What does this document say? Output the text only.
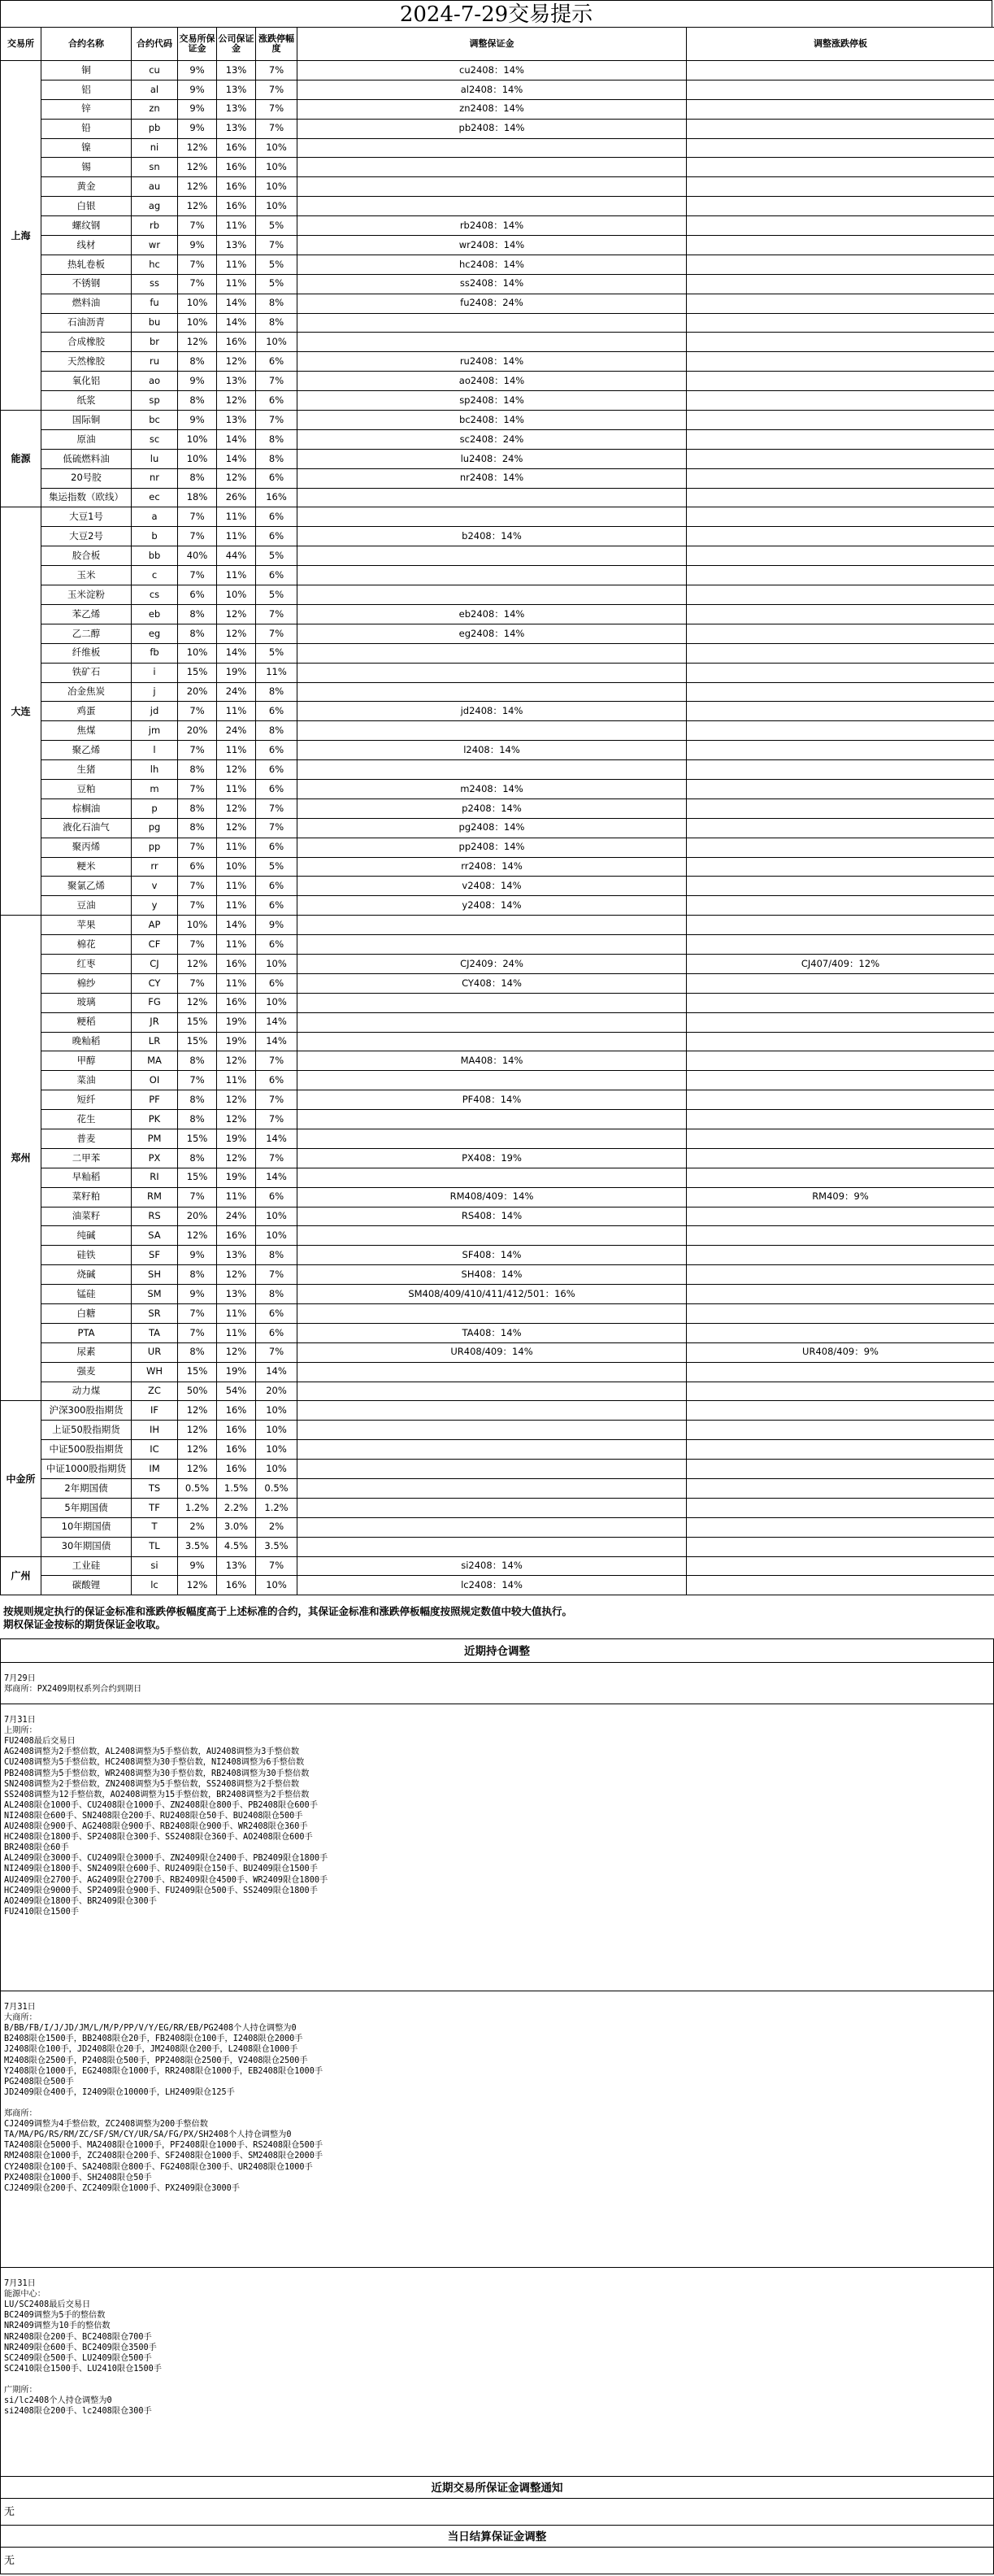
2024-7-29交易提示
交易所	合约名称	合约代码	交易所保证金	公司保证金	涨跌停幅度	调整保证金	调整涨跌停板
上海	铜	cu	9%	13%	7%	cu2408：14%	
	铝	al	9%	13%	7%	al2408：14%	
	锌	zn	9%	13%	7%	zn2408：14%	
	铅	pb	9%	13%	7%	pb2408：14%	
	镍	ni	12%	16%	10%		
	锡	sn	12%	16%	10%		
	黄金	au	12%	16%	10%		
	白银	ag	12%	16%	10%		
	螺纹钢	rb	7%	11%	5%	rb2408：14%	
	线材	wr	9%	13%	7%	wr2408：14%	
	热轧卷板	hc	7%	11%	5%	hc2408：14%	
	不锈钢	ss	7%	11%	5%	ss2408：14%	
	燃料油	fu	10%	14%	8%	fu2408：24%	
	石油沥青	bu	10%	14%	8%		
	合成橡胶	br	12%	16%	10%		
	天然橡胶	ru	8%	12%	6%	ru2408：14%	
	氧化铝	ao	9%	13%	7%	ao2408：14%	
	纸浆	sp	8%	12%	6%	sp2408：14%	
能源	国际铜	bc	9%	13%	7%	bc2408：14%	
	原油	sc	10%	14%	8%	sc2408：24%	
	低硫燃料油	lu	10%	14%	8%	lu2408：24%	
	20号胶	nr	8%	12%	6%	nr2408：14%	
	集运指数（欧线）	ec	18%	26%	16%		
大连	大豆1号	a	7%	11%	6%		
	大豆2号	b	7%	11%	6%	b2408：14%	
	胶合板	bb	40%	44%	5%		
	玉米	c	7%	11%	6%		
	玉米淀粉	cs	6%	10%	5%		
	苯乙烯	eb	8%	12%	7%	eb2408：14%	
	乙二醇	eg	8%	12%	7%	eg2408：14%	
	纤维板	fb	10%	14%	5%		
	铁矿石	i	15%	19%	11%		
	冶金焦炭	j	20%	24%	8%		
	鸡蛋	jd	7%	11%	6%	jd2408：14%	
	焦煤	jm	20%	24%	8%		
	聚乙烯	l	7%	11%	6%	l2408：14%	
	生猪	lh	8%	12%	6%		
	豆粕	m	7%	11%	6%	m2408：14%	
	棕榈油	p	8%	12%	7%	p2408：14%	
	液化石油气	pg	8%	12%	7%	pg2408：14%	
	聚丙烯	pp	7%	11%	6%	pp2408：14%	
	粳米	rr	6%	10%	5%	rr2408：14%	
	聚氯乙烯	v	7%	11%	6%	v2408：14%	
	豆油	y	7%	11%	6%	y2408：14%	
郑州	苹果	AP	10%	14%	9%		
	棉花	CF	7%	11%	6%		
	红枣	CJ	12%	16%	10%	CJ2409：24%	CJ407/409：12%
	棉纱	CY	7%	11%	6%	CY408：14%	
	玻璃	FG	12%	16%	10%		
	粳稻	JR	15%	19%	14%		
	晚籼稻	LR	15%	19%	14%		
	甲醇	MA	8%	12%	7%	MA408：14%	
	菜油	OI	7%	11%	6%		
	短纤	PF	8%	12%	7%	PF408：14%	
	花生	PK	8%	12%	7%		
	普麦	PM	15%	19%	14%		
	二甲苯	PX	8%	12%	7%	PX408：19%	
	早籼稻	RI	15%	19%	14%		
	菜籽粕	RM	7%	11%	6%	RM408/409：14%	RM409：9%
	油菜籽	RS	20%	24%	10%	RS408：14%	
	纯碱	SA	12%	16%	10%		
	硅铁	SF	9%	13%	8%	SF408：14%	
	烧碱	SH	8%	12%	7%	SH408：14%	
	锰硅	SM	9%	13%	8%	SM408/409/410/411/412/501：16%	
	白糖	SR	7%	11%	6%		
	PTA	TA	7%	11%	6%	TA408：14%	
	尿素	UR	8%	12%	7%	UR408/409：14%	UR408/409：9%
	强麦	WH	15%	19%	14%		
	动力煤	ZC	50%	54%	20%		
中金所	沪深300股指期货	IF	12%	16%	10%		
	上证50股指期货	IH	12%	16%	10%		
	中证500股指期货	IC	12%	16%	10%		
	中证1000股指期货	IM	12%	16%	10%		
	2年期国债	TS	0.5%	1.5%	0.5%		
	5年期国债	TF	1.2%	2.2%	1.2%		
	10年期国债	T	2%	3.0%	2%		
	30年期国债	TL	3.5%	4.5%	3.5%		
广州	工业硅	si	9%	13%	7%	si2408：14%	
	碳酸锂	lc	12%	16%	10%	lc2408：14%	
按规则规定执行的保证金标准和涨跌停板幅度高于上述标准的合约，其保证金标准和涨跌停板幅度按照规定数值中较大值执行。
期权保证金按标的期货保证金收取。
近期持仓调整

7月29日
郑商所：PX2409期权系列合约到期日

7月31日
上期所：
FU2408最后交易日
AG2408调整为2手整倍数，AL2408调整为5手整倍数，AU2408调整为3手整倍数
CU2408调整为5手整倍数，HC2408调整为30手整倍数，NI2408调整为6手整倍数
PB2408调整为5手整倍数，WR2408调整为30手整倍数，RB2408调整为30手整倍数
SN2408调整为2手整倍数，ZN2408调整为5手整倍数，SS2408调整为2手整倍数
SS2408调整为12手整倍数，AO2408调整为15手整倍数，BR2408调整为2手整倍数
AL2408限仓1000手、CU2408限仓1000手、ZN2408限仓800手、PB2408限仓600手
NI2408限仓600手、SN2408限仓200手、RU2408限仓50手、BU2408限仓500手
AU2408限仓900手、AG2408限仓900手、RB2408限仓900手、WR2408限仓360手
HC2408限仓1800手、SP2408限仓300手、SS2408限仓360手、AO2408限仓600手
BR2408限仓60手
AL2409限仓3000手、CU2409限仓3000手、ZN2409限仓2400手、PB2409限仓1800手
NI2409限仓1800手、SN2409限仓600手、RU2409限仓150手、BU2409限仓1500手
AU2409限仓2700手、AG2409限仓2700手、RB2409限仓4500手、WR2409限仓1800手
HC2409限仓9000手、SP2409限仓900手、FU2409限仓500手、SS2409限仓1800手
AO2409限仓1800手、BR2409限仓300手
FU2410限仓1500手

7月31日
大商所：
B/BB/FB/I/J/JD/JM/L/M/P/PP/V/Y/EG/RR/EB/PG2408个人持仓调整为0
B2408限仓1500手，BB2408限仓20手，FB2408限仓100手，I2408限仓2000手
J2408限仓100手，JD2408限仓20手，JM2408限仓200手，L2408限仓1000手
M2408限仓2500手，P2408限仓500手，PP2408限仓2500手，V2408限仓2500手
Y2408限仓1000手，EG2408限仓1000手，RR2408限仓1000手，EB2408限仓1000手
PG2408限仓500手
JD2409限仓400手，I2409限仓10000手，LH2409限仓125手

郑商所：
CJ2409调整为4手整倍数，ZC2408调整为200手整倍数
TA/MA/PG/RS/RM/ZC/SF/SM/CY/UR/SA/FG/PX/SH2408个人持仓调整为0
TA2408限仓5000手、MA2408限仓1000手，PF2408限仓1000手、RS2408限仓500手
RM2408限仓1000手，ZC2408限仓200手、SF2408限仓1000手、SM2408限仓2000手
CY2408限仓100手、SA2408限仓800手、FG2408限仓300手、UR2408限仓1000手
PX2408限仓1000手、SH2408限仓50手
CJ2409限仓200手、ZC2409限仓1000手、PX2409限仓3000手

7月31日
能源中心：
LU/SC2408最后交易日
BC2409调整为5手的整倍数
NR2409调整为10手的整倍数
NR2408限仓200手、BC2408限仓700手
NR2409限仓600手、BC2409限仓3500手
SC2409限仓500手、LU2409限仓500手
SC2410限仓1500手、LU2410限仓1500手

广期所：
si/lc2408个人持仓调整为0
si2408限仓200手、lc2408限仓300手

近期交易所保证金调整通知
无
当日结算保证金调整
无
